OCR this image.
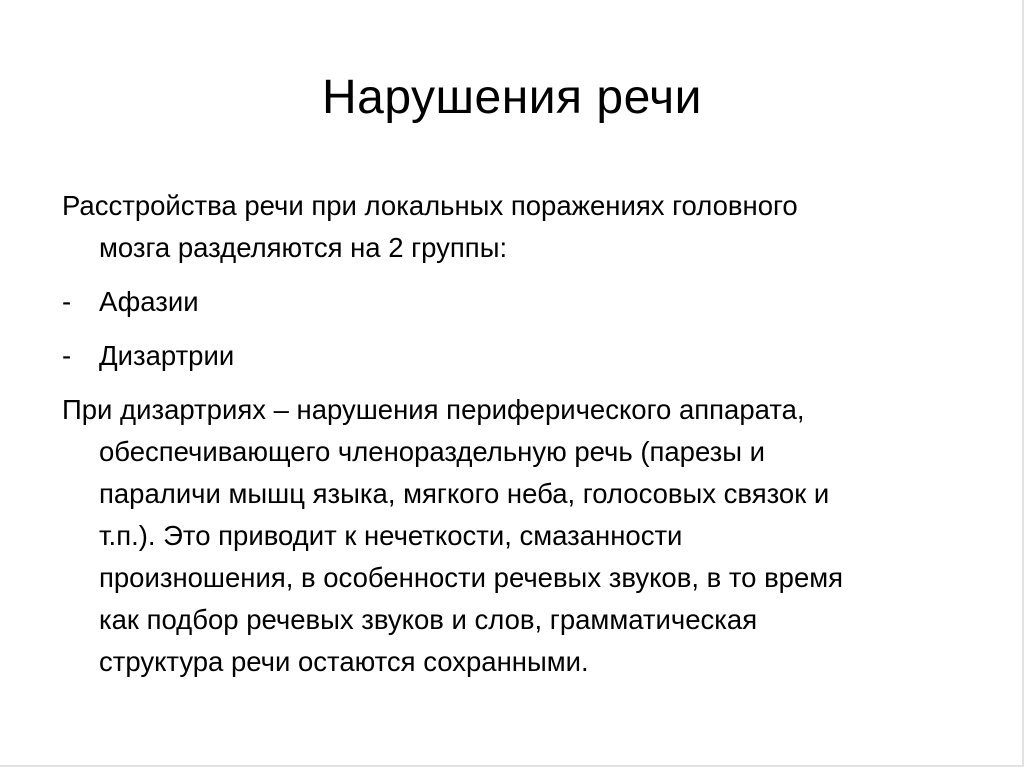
Нарушения речи
Расстройства речи при локальных поражениях головного
мозга разделяются на 2 группы:
-	Афазии
-	Дизартрии
При дизартриях – нарушения периферического аппарата,
обеспечивающего членораздельную речь (парезы и
параличи мышц языка, мягкого неба, голосовых связок и
т.п.). Это приводит к нечеткости, смазанности
произношения, в особенности речевых звуков, в то время
как подбор речевых звуков и слов, грамматическая
структура речи остаются сохранными.
